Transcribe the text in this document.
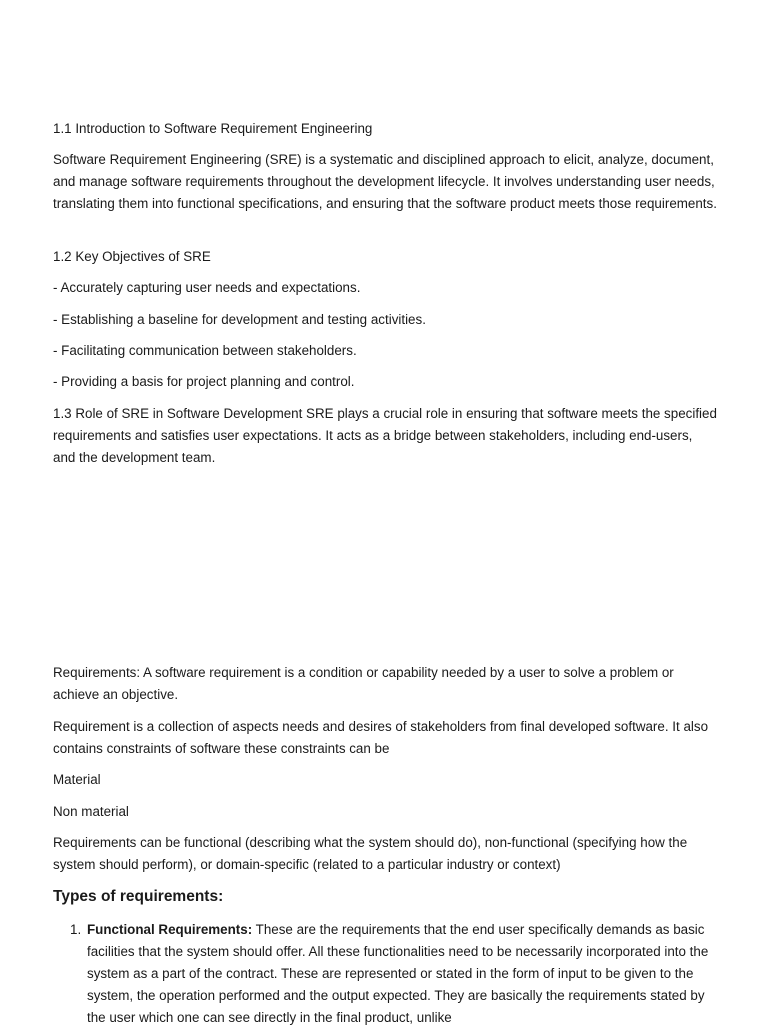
1.1 Introduction to Software Requirement Engineering

Software Requirement Engineering (SRE) is a systematic and disciplined approach to elicit, analyze, document, and manage software requirements throughout the development lifecycle. It involves understanding user needs, translating them into functional specifications, and ensuring that the software product meets those requirements.

1.2 Key Objectives of SRE

- Accurately capturing user needs and expectations.

- Establishing a baseline for development and testing activities.

- Facilitating communication between stakeholders.

- Providing a basis for project planning and control.

1.3 Role of SRE in Software Development SRE plays a crucial role in ensuring that software meets the specified requirements and satisfies user expectations. It acts as a bridge between stakeholders, including end-users, and the development team.

Requirements: A software requirement is a condition or capability needed by a user to solve a problem or achieve an objective.

Requirement is a collection of aspects needs and desires of stakeholders from final developed software. It also contains constraints of software these constraints can be

Material

Non material

Requirements can be functional (describing what the system should do), non-functional (specifying how the system should perform), or domain-specific (related to a particular industry or context)

Types of requirements:

1. Functional Requirements: These are the requirements that the end user specifically demands as basic facilities that the system should offer. All these functionalities need to be necessarily incorporated into the system as a part of the contract. These are represented or stated in the form of input to be given to the system, the operation performed and the output expected. They are basically the requirements stated by the user which one can see directly in the final product, unlike
